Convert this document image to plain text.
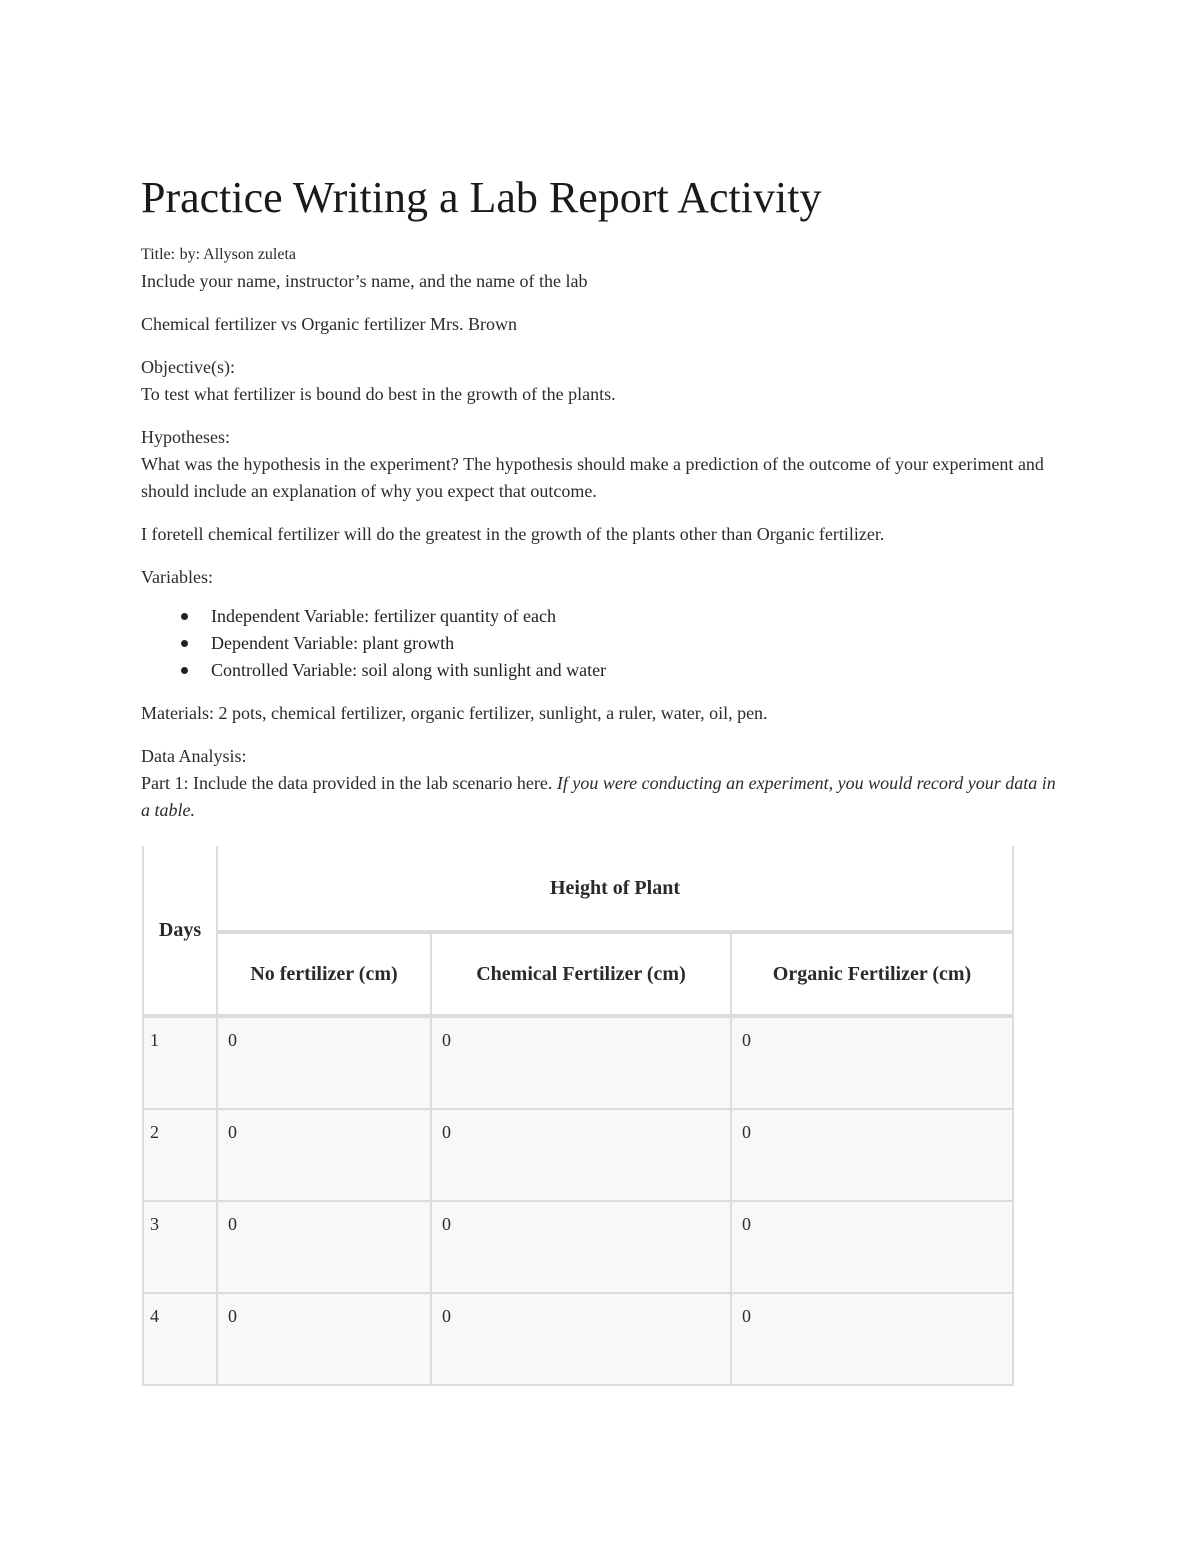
Practice Writing a Lab Report Activity

Title: by: Allyson zuleta

Include your name, instructor’s name, and the name of the lab

Chemical fertilizer vs Organic fertilizer Mrs. Brown

Objective(s):

To test what fertilizer is bound do best in the growth of the plants.

Hypotheses:

What was the hypothesis in the experiment? The hypothesis should make a prediction of the outcome of your experiment and should include an explanation of why you expect that outcome.

I foretell chemical fertilizer will do the greatest in the growth of the plants other than Organic fertilizer.

Variables:

Independent Variable: fertilizer quantity of each
Dependent Variable: plant growth
Controlled Variable: soil along with sunlight and water

Materials: 2 pots, chemical fertilizer, organic fertilizer, sunlight, a ruler, water, oil, pen.

Data Analysis:

Part 1: Include the data provided in the lab scenario here. If you were conducting an experiment, you would record your data in a table.

Days	Height of Plant		
	No fertilizer (cm)	Chemical Fertilizer (cm)	Organic Fertilizer (cm)
1	0	0	0
2	0	0	0
3	0	0	0
4	0	0	0
